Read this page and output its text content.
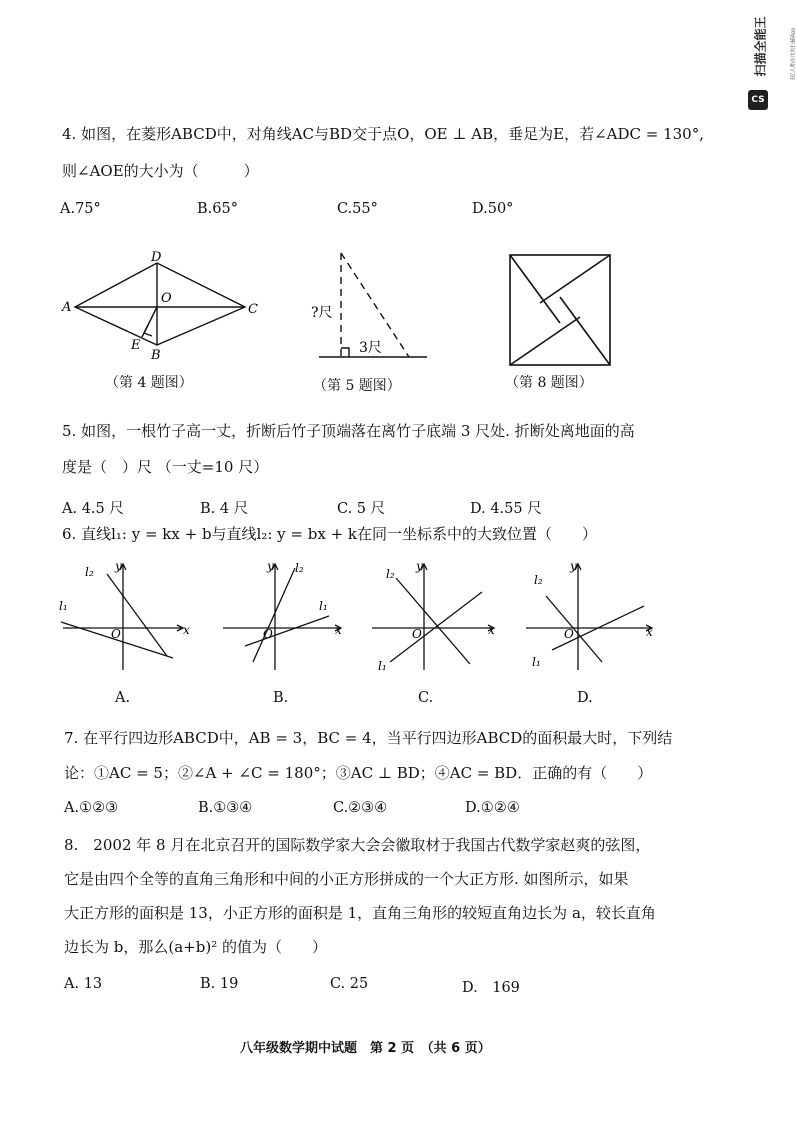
扫描全能王	3亿人都在用的扫描App
CS
4. 如图，在菱形ABCD中，对角线AC与BD交于点O，OE ⊥ AB，垂足为E，若∠ADC = 130°,
则∠AOE的大小为（　　　）
A.75°	B.65°	C.55°	D.50°
D
A
O
C
E
B
（第 4 题图）
?尺
3尺
（第 5 题图）	（第 8 题图）
5. 如图，一根竹子高一丈，折断后竹子顶端落在离竹子底端 3 尺处. 折断处离地面的高
度是（　）尺 （一丈=10 尺）
A. 4.5 尺	B. 4 尺	C. 5 尺	D. 4.55 尺
6. 直线l₁: y = kx + b与直线l₂: y = bx + k在同一坐标系中的大致位置（　　）
y
x
O
l₂
l₁
A.
y
x
O
l₂
l₁
B.
y
x
O
l₂
l₁
C.
y
x
O
l₂
l₁
D.
7. 在平行四边形ABCD中，AB = 3，BC = 4，当平行四边形ABCD的面积最大时，下列结
论：①AC = 5；②∠A + ∠C = 180°；③AC ⊥ BD；④AC = BD．正确的有（　　）
A.①②③	B.①③④	C.②③④	D.①②④
8.　2002 年 8 月在北京召开的国际数学家大会会徽取材于我国古代数学家赵爽的弦图，
它是由四个全等的直角三角形和中间的小正方形拼成的一个大正方形. 如图所示，如果
大正方形的面积是 13，小正方形的面积是 1，直角三角形的较短直角边长为 a，较长直角
边长为 b，那么(a+b)² 的值为（　　）
A. 13	B. 19	C. 25	D.　169
八年级数学期中试题　第 2 页　（共 6 页）
